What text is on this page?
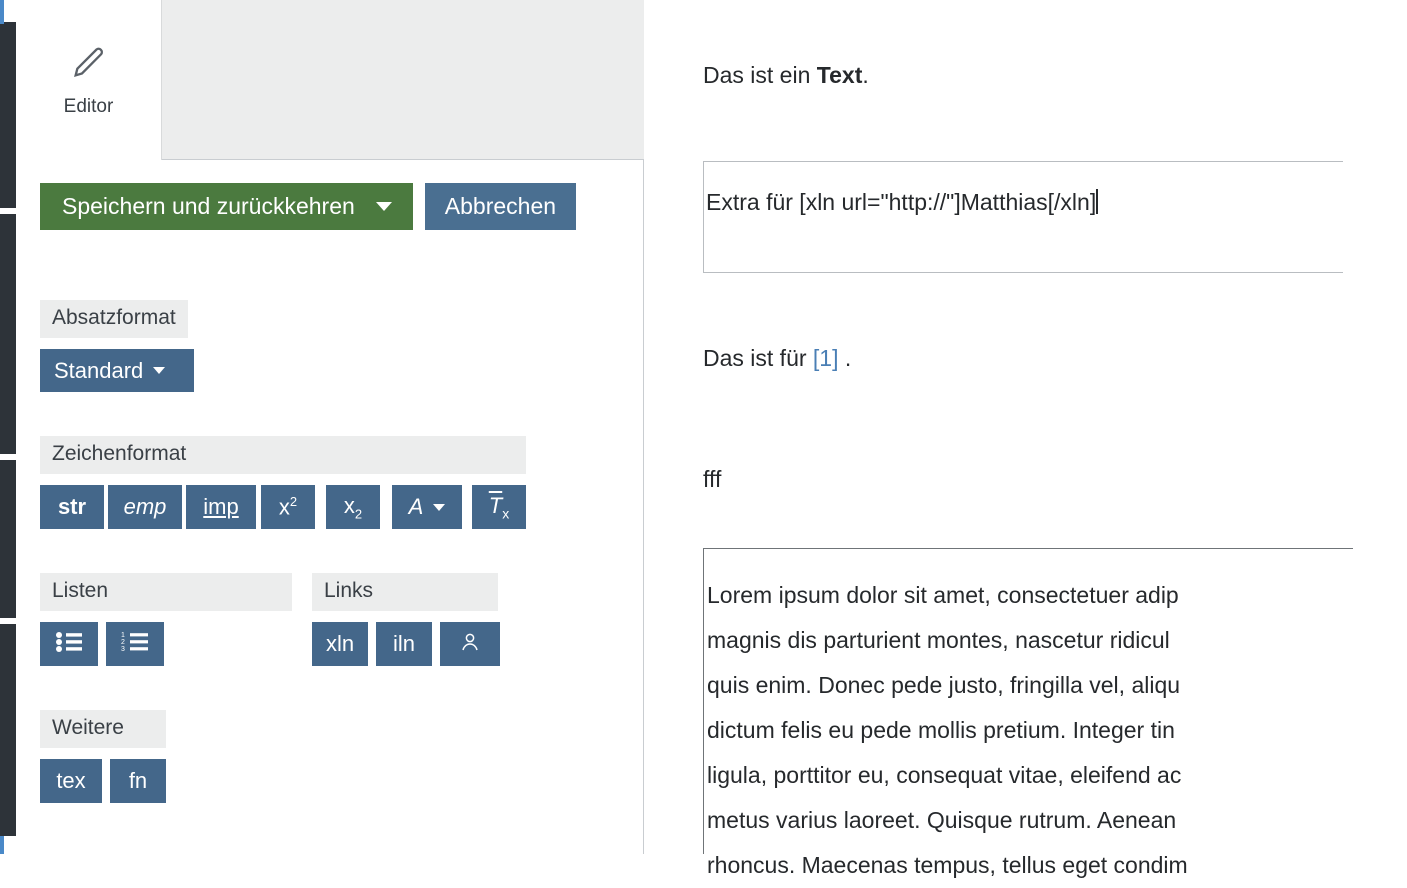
Editor
Speichern und zurückkehren	Abbrechen
Absatzformat
Standard
Zeichenformat
str emp imp $x^2$ $x_2$ A	$\overline{T}_x$
Listen
1
2
3
Links
xln iln
Weitere
tex fn
Das ist ein Text.
Extra für [xln url="http://"]Matthias[/xln]
Das ist für [1] .
fff
Lorem ipsum dolor sit amet, consectetuer adip
magnis dis parturient montes, nascetur ridicul
quis enim. Donec pede justo, fringilla vel, aliqu
dictum felis eu pede mollis pretium. Integer tin
ligula, porttitor eu, consequat vitae, eleifend ac
metus varius laoreet. Quisque rutrum. Aenean
rhoncus. Maecenas tempus, tellus eget condim
